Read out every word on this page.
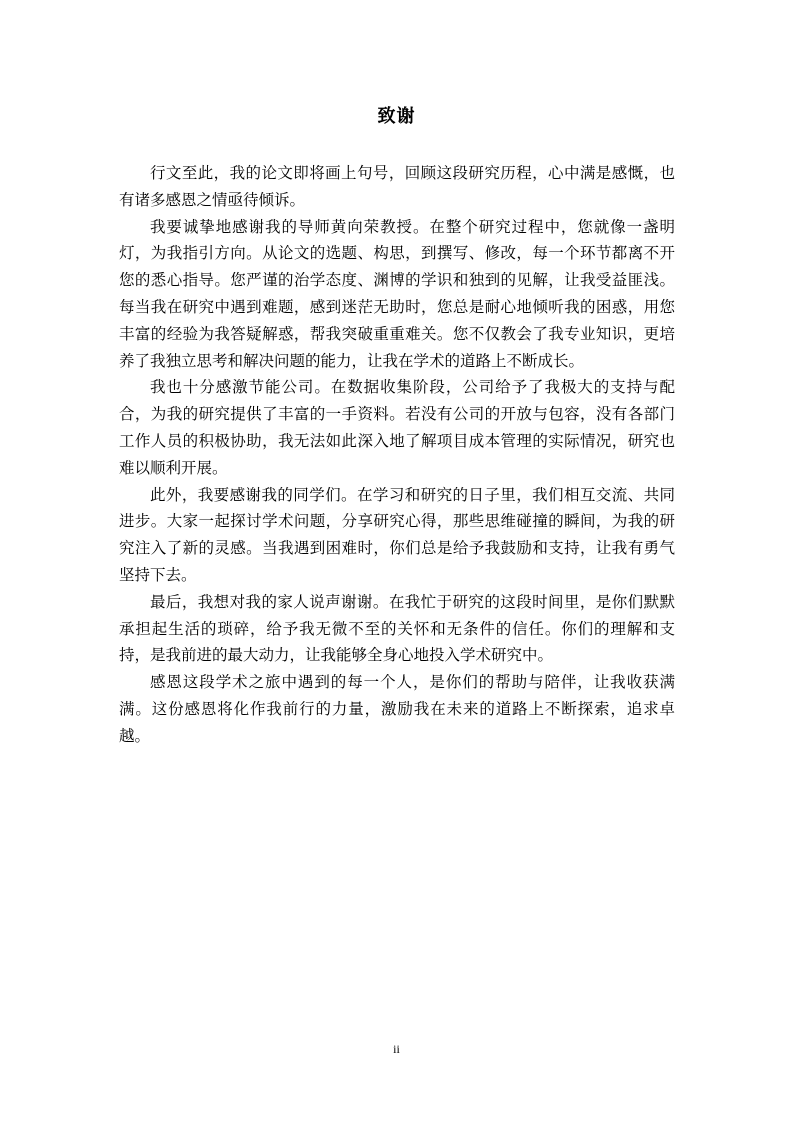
致谢

行文至此，我的论文即将画上句号，回顾这段研究历程，心中满是感慨，也有诸多感恩之情亟待倾诉。

我要诚挚地感谢我的导师黄向荣教授。在整个研究过程中，您就像一盏明灯，为我指引方向。从论文的选题、构思，到撰写、修改，每一个环节都离不开您的悉心指导。您严谨的治学态度、渊博的学识和独到的见解，让我受益匪浅。每当我在研究中遇到难题，感到迷茫无助时，您总是耐心地倾听我的困惑，用您丰富的经验为我答疑解惑，帮我突破重重难关。您不仅教会了我专业知识，更培养了我独立思考和解决问题的能力，让我在学术的道路上不断成长。

我也十分感激节能公司。在数据收集阶段，公司给予了我极大的支持与配合，为我的研究提供了丰富的一手资料。若没有公司的开放与包容，没有各部门工作人员的积极协助，我无法如此深入地了解项目成本管理的实际情况，研究也难以顺利开展。

此外，我要感谢我的同学们。在学习和研究的日子里，我们相互交流、共同进步。大家一起探讨学术问题，分享研究心得，那些思维碰撞的瞬间，为我的研究注入了新的灵感。当我遇到困难时，你们总是给予我鼓励和支持，让我有勇气坚持下去。

最后，我想对我的家人说声谢谢。在我忙于研究的这段时间里，是你们默默承担起生活的琐碎，给予我无微不至的关怀和无条件的信任。你们的理解和支持，是我前进的最大动力，让我能够全身心地投入学术研究中。

感恩这段学术之旅中遇到的每一个人，是你们的帮助与陪伴，让我收获满满。这份感恩将化作我前行的力量，激励我在未来的道路上不断探索，追求卓越。

ii
